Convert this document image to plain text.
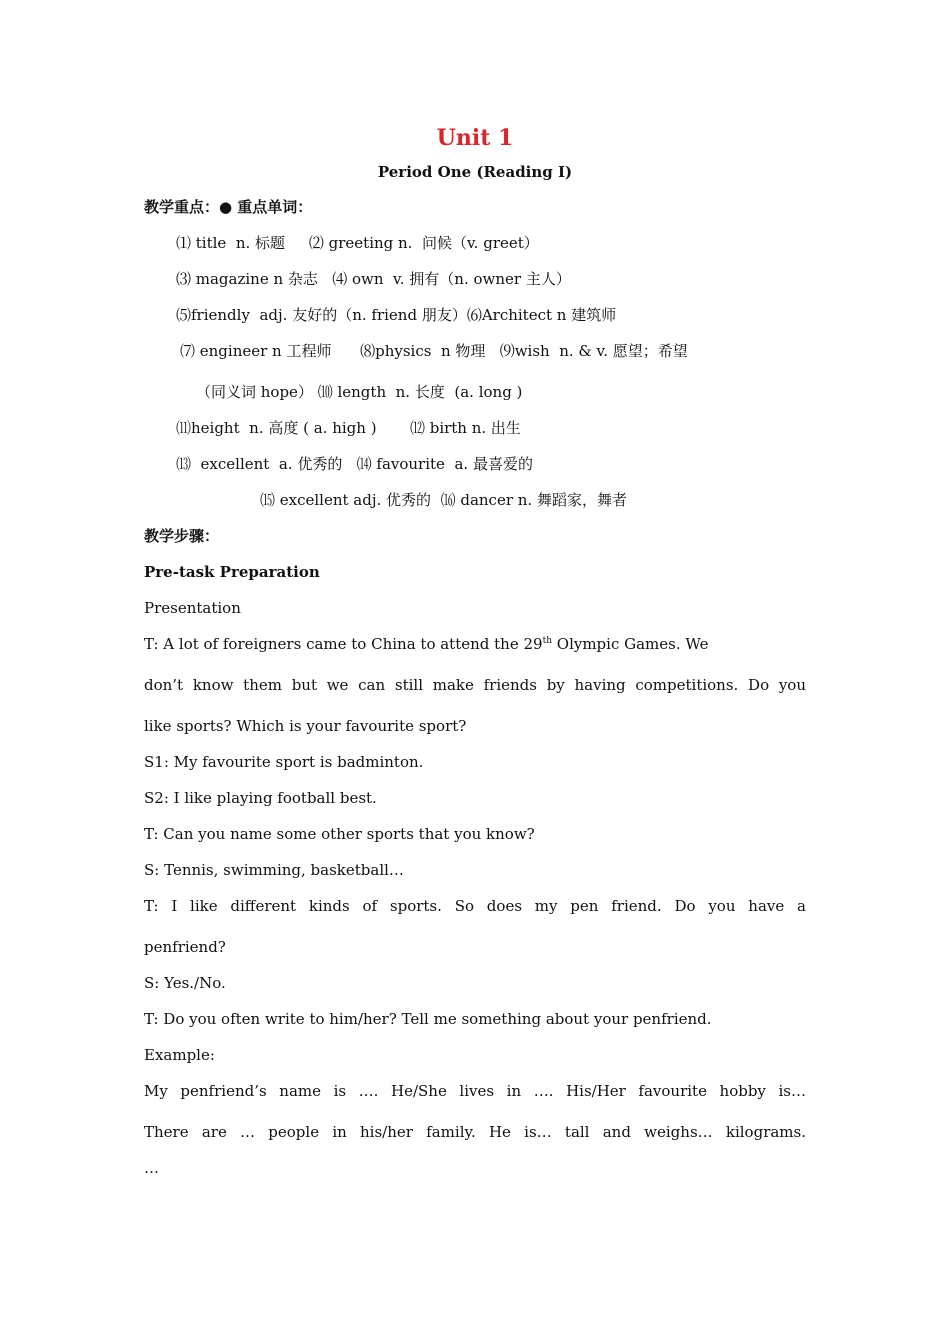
Unit 1
Period One (Reading I)
教学重点：● 重点单词：
⑴ title  n. 标题     ⑵ greeting n.  问候（v. greet）
⑶ magazine n 杂志   ⑷ own  v. 拥有（n. owner 主人）
⑸friendly  adj. 友好的（n. friend 朋友）⑹Architect n 建筑师
⑺ engineer n 工程师      ⑻physics  n 物理   ⑼wish  n. & v. 愿望；希望
（同义词 hope） ⑽ length  n. 长度  (a. long )
⑾height  n. 高度 ( a. high )       ⑿ birth n. 出生
⒀  excellent  a. 优秀的   ⒁ favourite  a. 最喜爱的
⒂ excellent adj. 优秀的  ⒃ dancer n. 舞蹈家，舞者
教学步骤：
Pre-task Preparation
Presentation
T: A lot of foreigners came to China to attend the 29th Olympic Games. We
don’t know them but we can still make friends by having competitions. Do you
like sports? Which is your favourite sport?
S1: My favourite sport is badminton.
S2: I like playing football best.
T: Can you name some other sports that you know?
S: Tennis, swimming, basketball…
T: I like different kinds of sports. So does my pen friend. Do you have a
penfriend?
S: Yes./No.
T: Do you often write to him/her? Tell me something about your penfriend.
Example:
My penfriend’s name is …. He/She lives in …. His/Her favourite hobby is…
There are … people in his/her family. He is… tall and weighs… kilograms.
…
